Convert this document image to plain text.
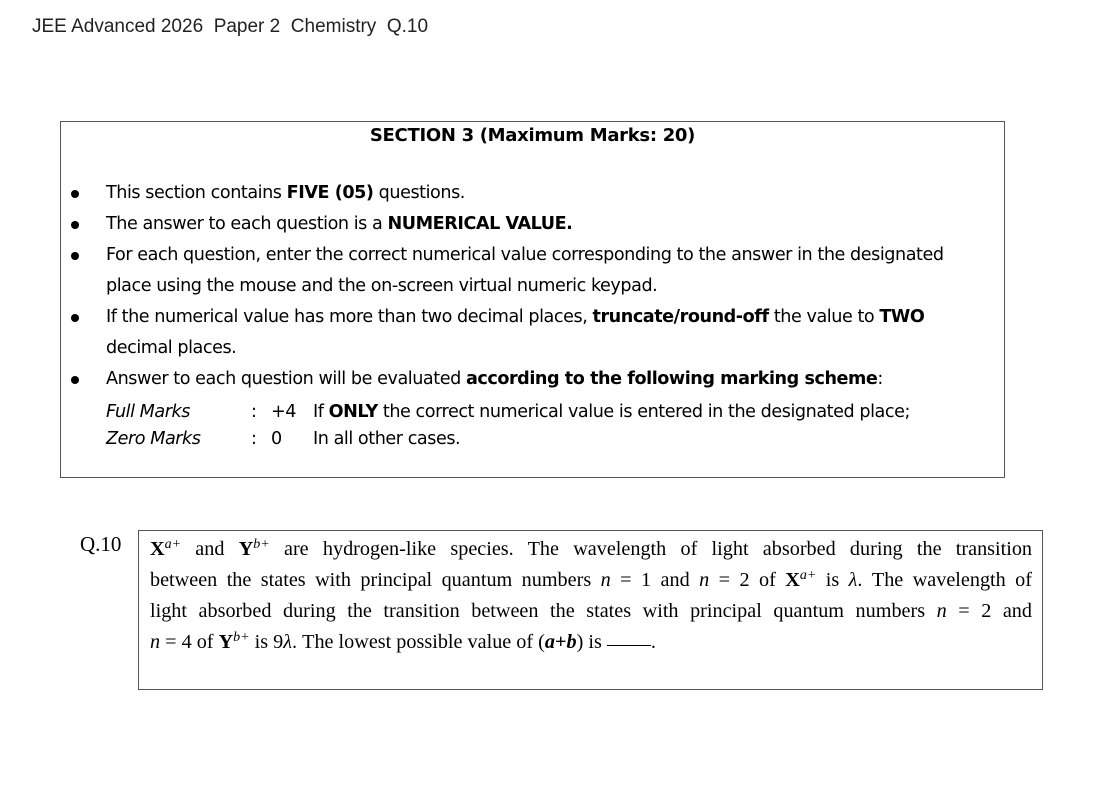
JEE Advanced 2026  Paper 2  Chemistry  Q.10
SECTION 3 (Maximum Marks: 20)
This section contains FIVE (05) questions.
The answer to each question is a NUMERICAL VALUE.
For each question, enter the correct numerical value corresponding to the answer in the designated place using the mouse and the on-screen virtual numeric keypad.
If the numerical value has more than two decimal places, truncate/round-off the value to TWO decimal places.
Answer to each question will be evaluated according to the following marking scheme:
Full Marks	: +4 If ONLY the correct numerical value is entered in the designated place;
Zero Marks	: 0 In all other cases.
Q.10 $X^{a+}$ and $Y^{b+}$ are hydrogen-like species. The wavelength of light absorbed during the transition
between the states with principal quantum numbers n = 1 and n = 2 of $X^{a+}$ is λ. The wavelength of
light absorbed during the transition between the states with principal quantum numbers n = 2 and
n = 4 of $Y^{b+}$ is 9λ. The lowest possible value of (a+b) is .
